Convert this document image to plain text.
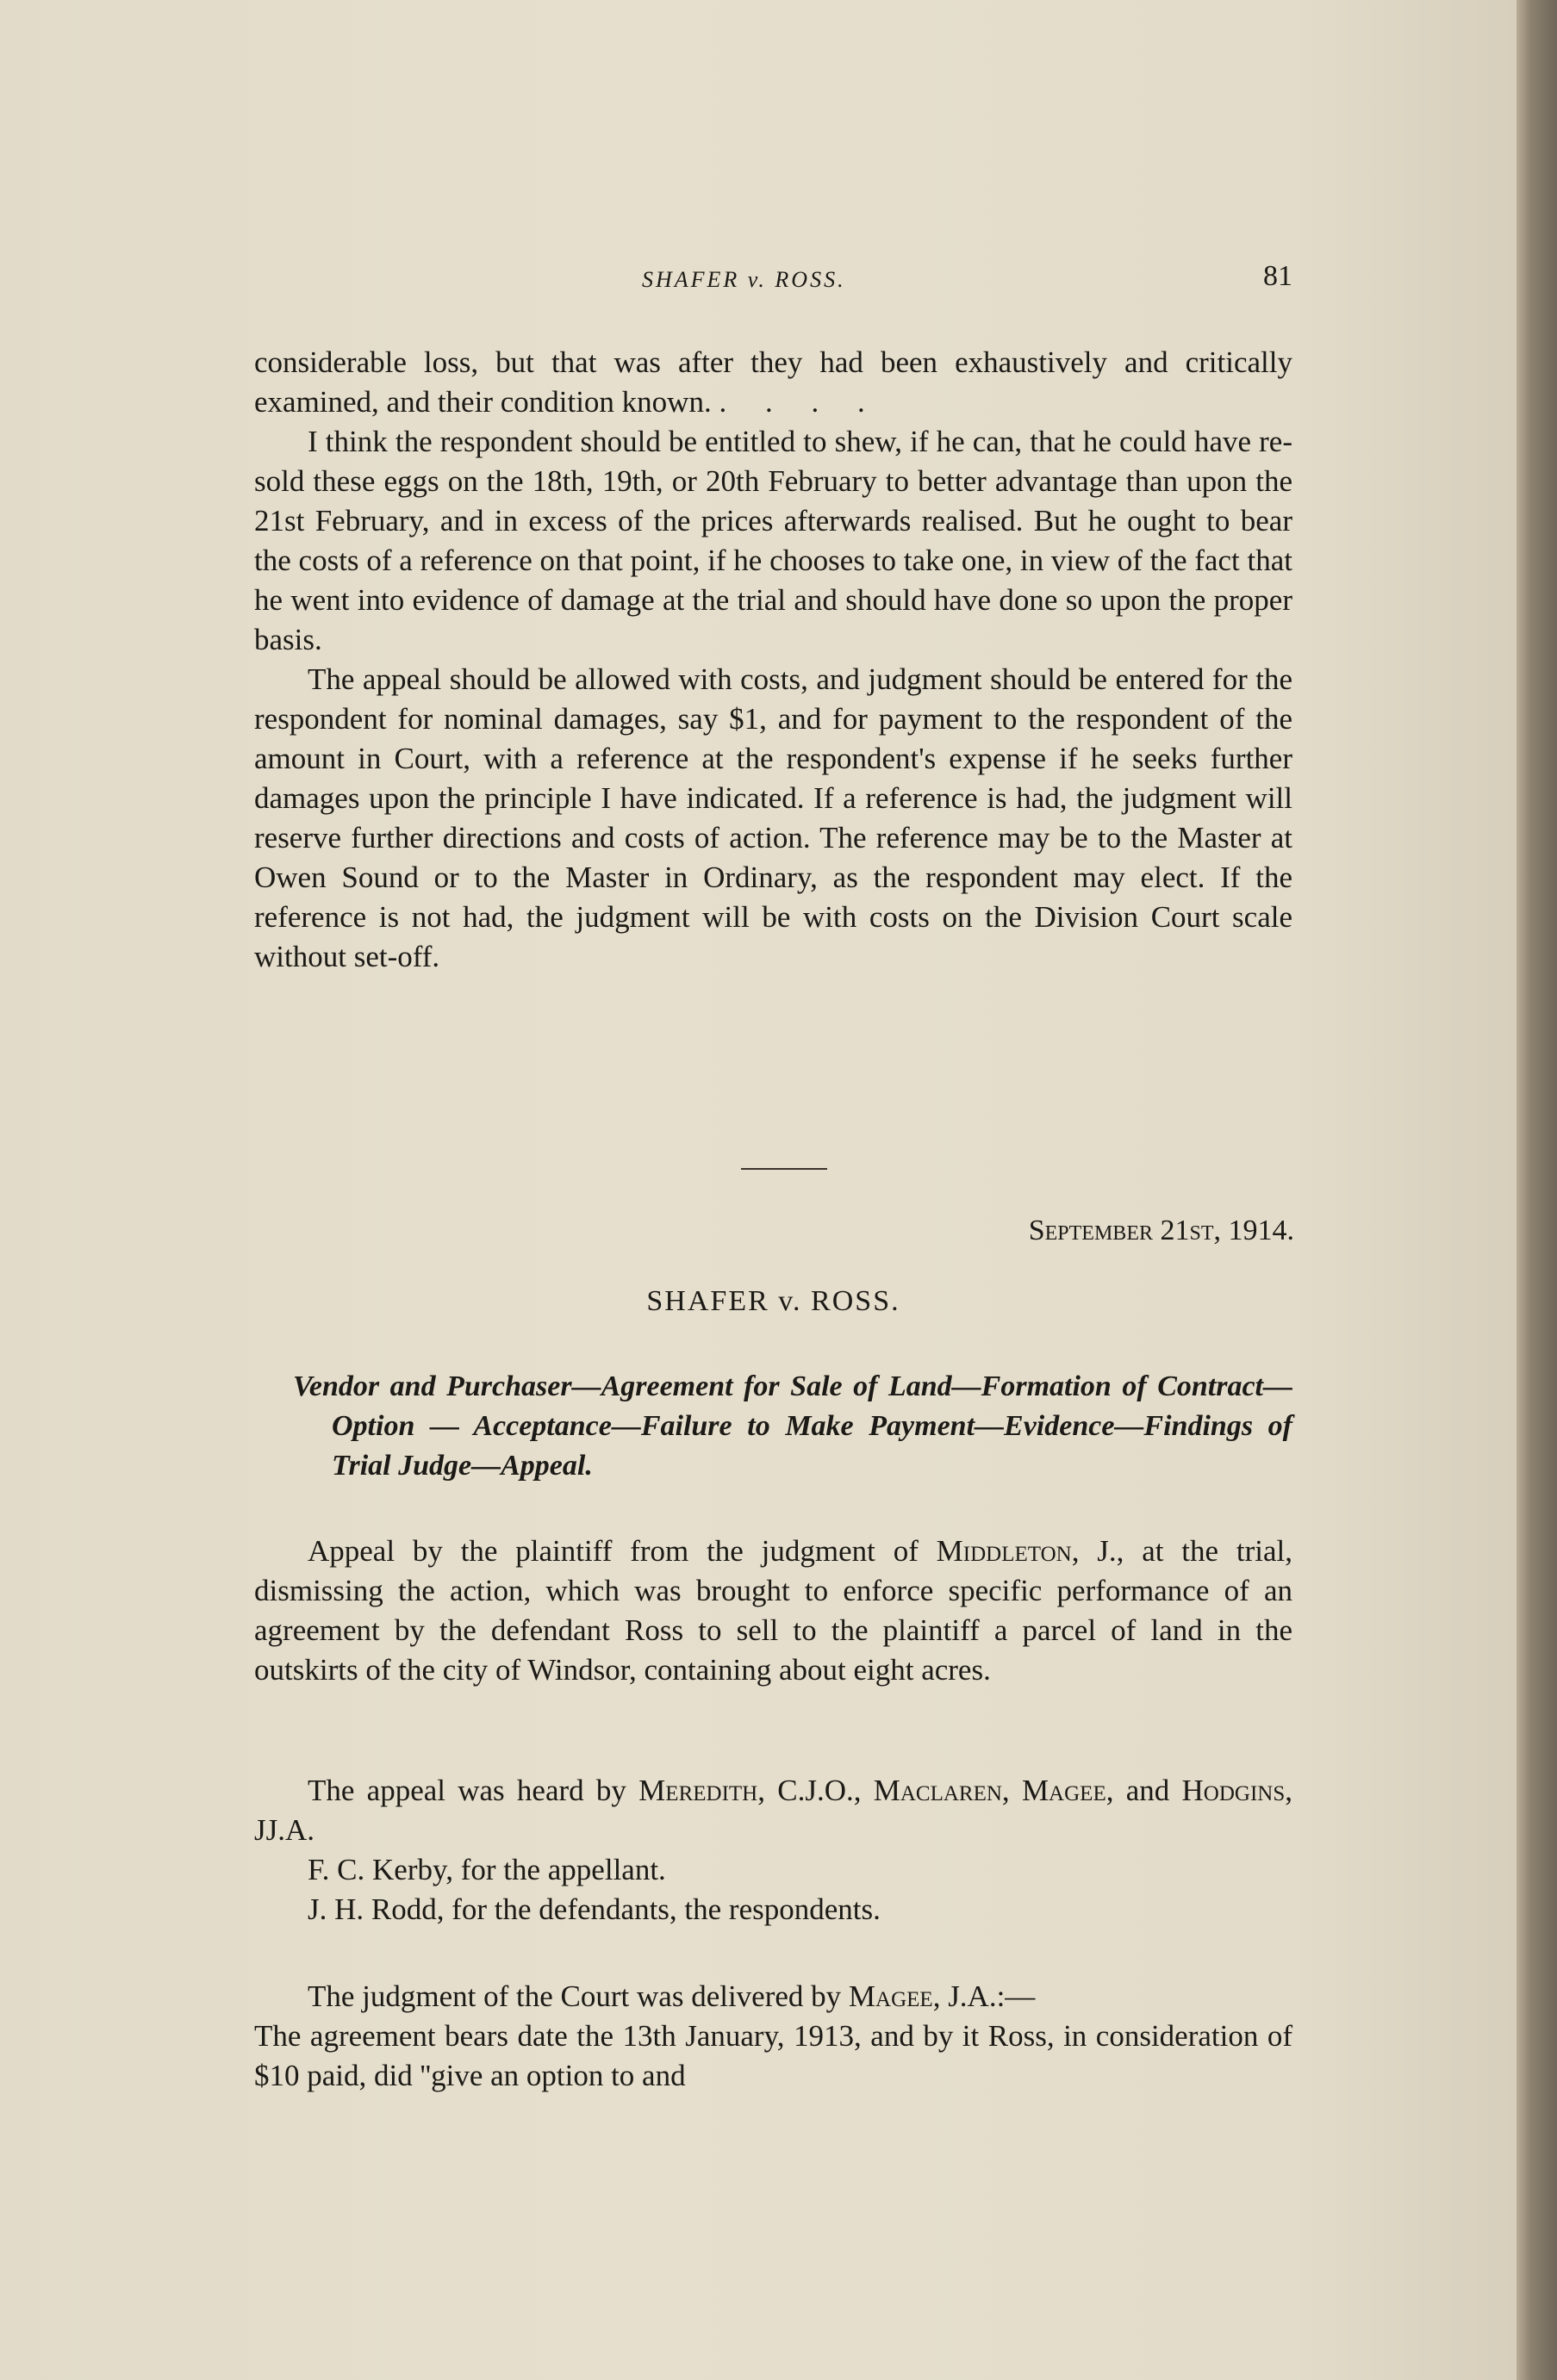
SHAFER v. ROSS.	81

considerable loss, but that was after they had been exhaustively and critically examined, and their condition known. . . . .

I think the respondent should be entitled to shew, if he can, that he could have re-sold these eggs on the 18th, 19th, or 20th February to better advantage than upon the 21st February, and in excess of the prices afterwards realised. But he ought to bear the costs of a reference on that point, if he chooses to take one, in view of the fact that he went into evidence of damage at the trial and should have done so upon the proper basis.

The appeal should be allowed with costs, and judgment should be entered for the respondent for nominal damages, say $1, and for payment to the respondent of the amount in Court, with a reference at the respondent's expense if he seeks further damages upon the principle I have indicated. If a reference is had, the judgment will reserve further directions and costs of action. The reference may be to the Master at Owen Sound or to the Master in Ordinary, as the respondent may elect. If the reference is not had, the judgment will be with costs on the Division Court scale without set-off.

September 21st, 1914.
SHAFER v. ROSS.
Vendor and Purchaser—Agreement for Sale of Land—Formation of Contract—Option — Acceptance—Failure to Make Payment—Evidence—Findings of Trial Judge—Appeal.

Appeal by the plaintiff from the judgment of Middleton, J., at the trial, dismissing the action, which was brought to enforce specific performance of an agreement by the defendant Ross to sell to the plaintiff a parcel of land in the outskirts of the city of Windsor, containing about eight acres.

The appeal was heard by Meredith, C.J.O., Maclaren, Magee, and Hodgins, JJ.A.

F. C. Kerby, for the appellant.

J. H. Rodd, for the defendants, the respondents.

The judgment of the Court was delivered by Magee, J.A.:—

The agreement bears date the 13th January, 1913, and by it Ross, in consideration of $10 paid, did ''give an option to and
